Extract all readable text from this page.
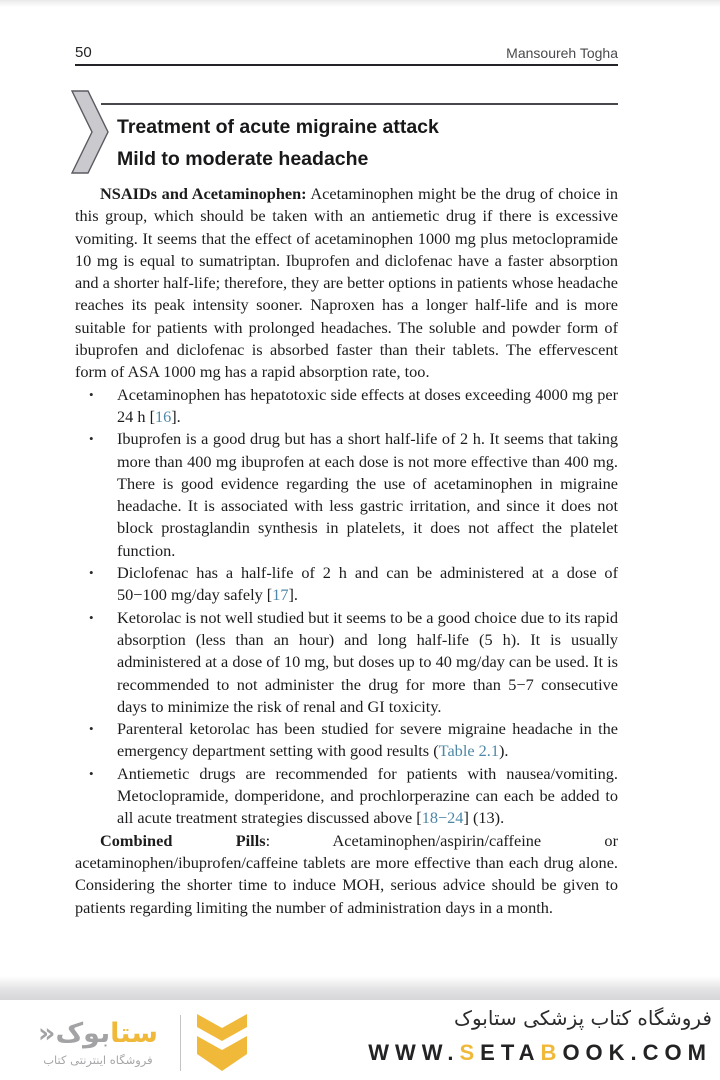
50	Mansoureh Togha
Treatment of acute migraine attack
Mild to moderate headache
NSAIDs and Acetaminophen: Acetaminophen might be the drug of choice in this group, which should be taken with an antiemetic drug if there is excessive vomiting. It seems that the effect of acetaminophen 1000 mg plus metoclopramide 10 mg is equal to sumatriptan. Ibuprofen and diclofenac have a faster absorption and a shorter half-life; therefore, they are better options in patients whose headache reaches its peak intensity sooner. Naproxen has a longer half-life and is more suitable for patients with prolonged headaches. The soluble and powder form of ibuprofen and diclofenac is absorbed faster than their tablets. The effervescent form of ASA 1000 mg has a rapid absorption rate, too.
•	Acetaminophen has hepatotoxic side effects at doses exceeding 4000 mg per 24 h [16].
•	Ibuprofen is a good drug but has a short half-life of 2 h. It seems that taking more than 400 mg ibuprofen at each dose is not more effective than 400 mg. There is good evidence regarding the use of acetaminophen in migraine headache. It is associated with less gastric irritation, and since it does not block prostaglandin synthesis in platelets, it does not affect the platelet function.
•	Diclofenac has a half-life of 2 h and can be administered at a dose of 50−100 mg/day safely [17].
•	Ketorolac is not well studied but it seems to be a good choice due to its rapid absorption (less than an hour) and long half-life (5 h). It is usually administered at a dose of 10 mg, but doses up to 40 mg/day can be used. It is recommended to not administer the drug for more than 5−7 consecutive days to minimize the risk of renal and GI toxicity.
•	Parenteral ketorolac has been studied for severe migraine headache in the emergency department setting with good results (Table 2.1).
•	Antiemetic drugs are recommended for patients with nausea/vomiting. Metoclopramide, domperidone, and prochlorperazine can each be added to all acute treatment strategies discussed above [18−24] (13).
Combined Pills: Acetaminophen/aspirin/caffeine or acetaminophen/ibuprofen/caffeine tablets are more effective than each drug alone. Considering the shorter time to induce MOH, serious advice should be given to patients regarding limiting the number of administration days in a month.
ستابوک«
فروشگاه اینترنتی کتاب
فروشگاه کتاب پزشکی ستابوک
WWW.SETABOOK.COM
